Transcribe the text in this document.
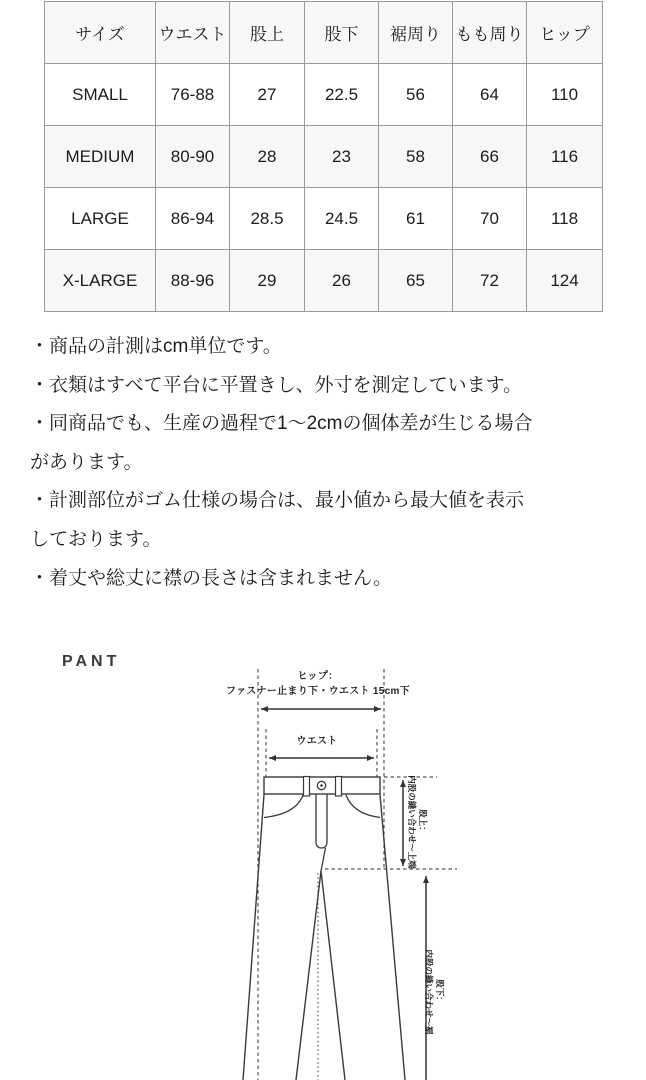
サイズ	ウエスト	股上	股下	裾周り	もも周り	ヒップ
SMALL	76-88	27	22.5	56	64	110
MEDIUM	80-90	28	23	58	66	116
LARGE	86-94	28.5	24.5	61	70	118
X-LARGE	88-96	29	26	65	72	124
・商品の計測はcm単位です。
・衣類はすべて平台に平置きし、外寸を測定しています。
・同商品でも、生産の過程で1〜2cmの個体差が生じる場合
があります。
・計測部位がゴム仕様の場合は、最小値から最大値を表示
しております。
・着丈や総丈に襟の長さは含まれません。
PANT
ヒップ：
ファスナー止まり下・ウエスト 15cm下
ウエスト
股上：
内股の縫い合わせ〜上端
股下：
内股の縫い合わせ〜裾
